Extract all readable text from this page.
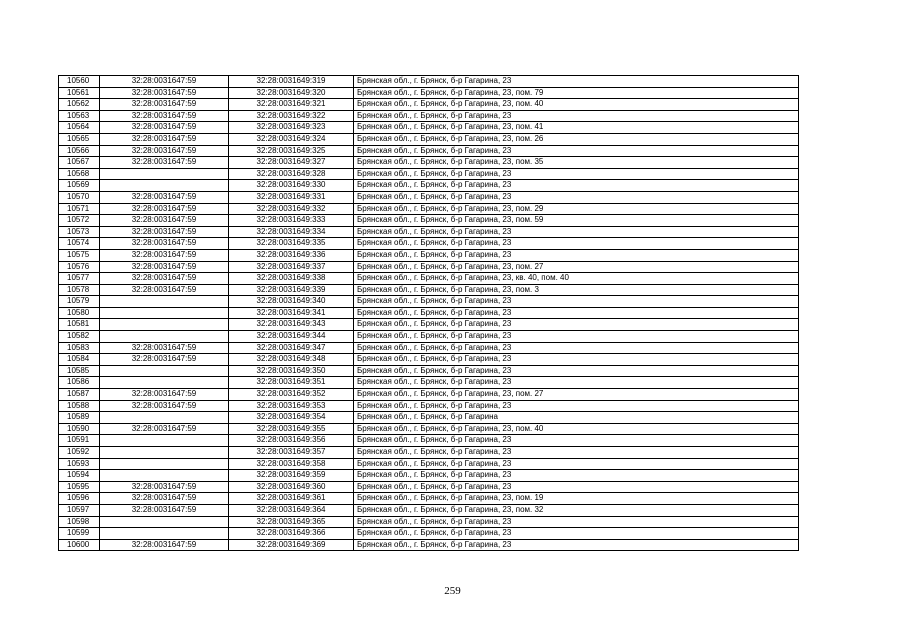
10560	32:28:0031647:59	32:28:0031649:319	Брянская обл., г. Брянск, б-р Гагарина, 23
10561	32:28:0031647:59	32:28:0031649:320	Брянская обл., г. Брянск, б-р Гагарина, 23, пом. 79
10562	32:28:0031647:59	32:28:0031649:321	Брянская обл., г. Брянск, б-р Гагарина, 23, пом. 40
10563	32:28:0031647:59	32:28:0031649:322	Брянская обл., г. Брянск, б-р Гагарина, 23
10564	32:28:0031647:59	32:28:0031649:323	Брянская обл., г. Брянск, б-р Гагарина, 23, пом. 41
10565	32:28:0031647:59	32:28:0031649:324	Брянская обл., г. Брянск, б-р Гагарина, 23, пом. 26
10566	32:28:0031647:59	32:28:0031649:325	Брянская обл., г. Брянск, б-р Гагарина, 23
10567	32:28:0031647:59	32:28:0031649:327	Брянская обл., г. Брянск, б-р Гагарина, 23, пом. 35
10568		32:28:0031649:328	Брянская обл., г. Брянск, б-р Гагарина, 23
10569		32:28:0031649:330	Брянская обл., г. Брянск, б-р Гагарина, 23
10570	32:28:0031647:59	32:28:0031649:331	Брянская обл., г. Брянск, б-р Гагарина, 23
10571	32:28:0031647:59	32:28:0031649:332	Брянская обл., г. Брянск, б-р Гагарина, 23, пом. 29
10572	32:28:0031647:59	32:28:0031649:333	Брянская обл., г. Брянск, б-р Гагарина, 23, пом. 59
10573	32:28:0031647:59	32:28:0031649:334	Брянская обл., г. Брянск, б-р Гагарина, 23
10574	32:28:0031647:59	32:28:0031649:335	Брянская обл., г. Брянск, б-р Гагарина, 23
10575	32:28:0031647:59	32:28:0031649:336	Брянская обл., г. Брянск, б-р Гагарина, 23
10576	32:28:0031647:59	32:28:0031649:337	Брянская обл., г. Брянск, б-р Гагарина, 23, пом. 27
10577	32:28:0031647:59	32:28:0031649:338	Брянская обл., г. Брянск, б-р Гагарина, 23, кв. 40, пом. 40
10578	32:28:0031647:59	32:28:0031649:339	Брянская обл., г. Брянск, б-р Гагарина, 23, пом. 3
10579		32:28:0031649:340	Брянская обл., г. Брянск, б-р Гагарина, 23
10580		32:28:0031649:341	Брянская обл., г. Брянск, б-р Гагарина, 23
10581		32:28:0031649:343	Брянская обл., г. Брянск, б-р Гагарина, 23
10582		32:28:0031649:344	Брянская обл., г. Брянск, б-р Гагарина, 23
10583	32:28:0031647:59	32:28:0031649:347	Брянская обл., г. Брянск, б-р Гагарина, 23
10584	32:28:0031647:59	32:28:0031649:348	Брянская обл., г. Брянск, б-р Гагарина, 23
10585		32:28:0031649:350	Брянская обл., г. Брянск, б-р Гагарина, 23
10586		32:28:0031649:351	Брянская обл., г. Брянск, б-р Гагарина, 23
10587	32:28:0031647:59	32:28:0031649:352	Брянская обл., г. Брянск, б-р Гагарина, 23, пом. 27
10588	32:28:0031647:59	32:28:0031649:353	Брянская обл., г. Брянск, б-р Гагарина, 23
10589		32:28:0031649:354	Брянская обл., г. Брянск, б-р Гагарина
10590	32:28:0031647:59	32:28:0031649:355	Брянская обл., г. Брянск, б-р Гагарина, 23, пом. 40
10591		32:28:0031649:356	Брянская обл., г. Брянск, б-р Гагарина, 23
10592		32:28:0031649:357	Брянская обл., г. Брянск, б-р Гагарина, 23
10593		32:28:0031649:358	Брянская обл., г. Брянск, б-р Гагарина, 23
10594		32:28:0031649:359	Брянская обл., г. Брянск, б-р Гагарина, 23
10595	32:28:0031647:59	32:28:0031649:360	Брянская обл., г. Брянск, б-р Гагарина, 23
10596	32:28:0031647:59	32:28:0031649:361	Брянская обл., г. Брянск, б-р Гагарина, 23, пом. 19
10597	32:28:0031647:59	32:28:0031649:364	Брянская обл., г. Брянск, б-р Гагарина, 23, пом. 32
10598		32:28:0031649:365	Брянская обл., г. Брянск, б-р Гагарина, 23
10599		32:28:0031649:366	Брянская обл., г. Брянск, б-р Гагарина, 23
10600	32:28:0031647:59	32:28:0031649:369	Брянская обл., г. Брянск, б-р Гагарина, 23
259
